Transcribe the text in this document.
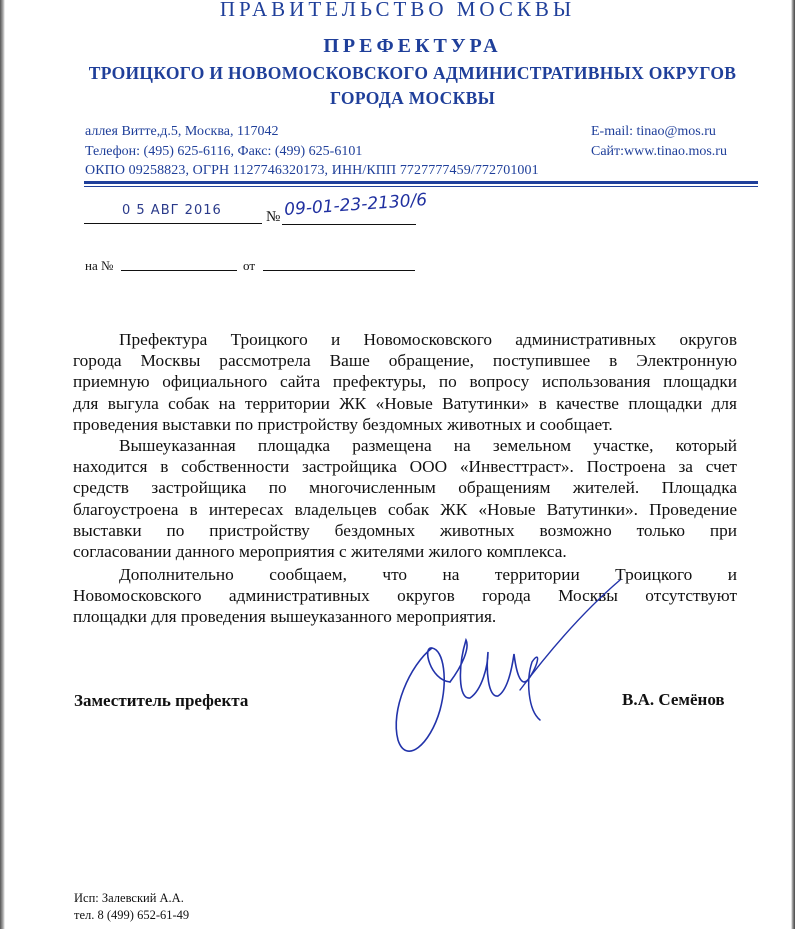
ПРАВИТЕЛЬСТВО МОСКВЫ
ПРЕФЕКТУРА
ТРОИЦКОГО И НОВОМОСКОВСКОГО АДМИНИСТРАТИВНЫХ ОКРУГОВ
ГОРОДА МОСКВЫ
аллея Витте,д.5, Москва, 117042
Телефон: (495) 625-6116, Факс: (499) 625-6101
ОКПО 09258823, ОГРН 1127746320173, ИНН/КПП 7727777459/772701001
E-mail: tinao@mos.ru
Сайт:www.tinao.mos.ru
0 5 АВГ 2016	№ 09-01-23-2130/6
на №	от
Префектура Троицкого и Новомосковского административных округов
города Москвы рассмотрела Ваше обращение, поступившее в Электронную
приемную официального сайта префектуры, по вопросу использования площадки
для выгула собак на территории ЖК «Новые Ватутинки» в качестве площадки для
проведения выставки по пристройству бездомных животных и сообщает.
Вышеуказанная площадка размещена на земельном участке, который
находится в собственности застройщика ООО «Инвесттраст». Построена за счет
средств застройщика по многочисленным обращениям жителей. Площадка
благоустроена в интересах владельцев собак ЖК «Новые Ватутинки». Проведение
выставки по пристройству бездомных животных возможно только при
согласовании данного мероприятия с жителями жилого комплекса.
Дополнительно сообщаем, что на территории Троицкого и
Новомосковского административных округов города Москвы отсутствуют
площадки для проведения вышеуказанного мероприятия.
Заместитель префекта	В.А. Семёнов
Исп: Залевский А.А.
тел. 8 (499) 652-61-49
